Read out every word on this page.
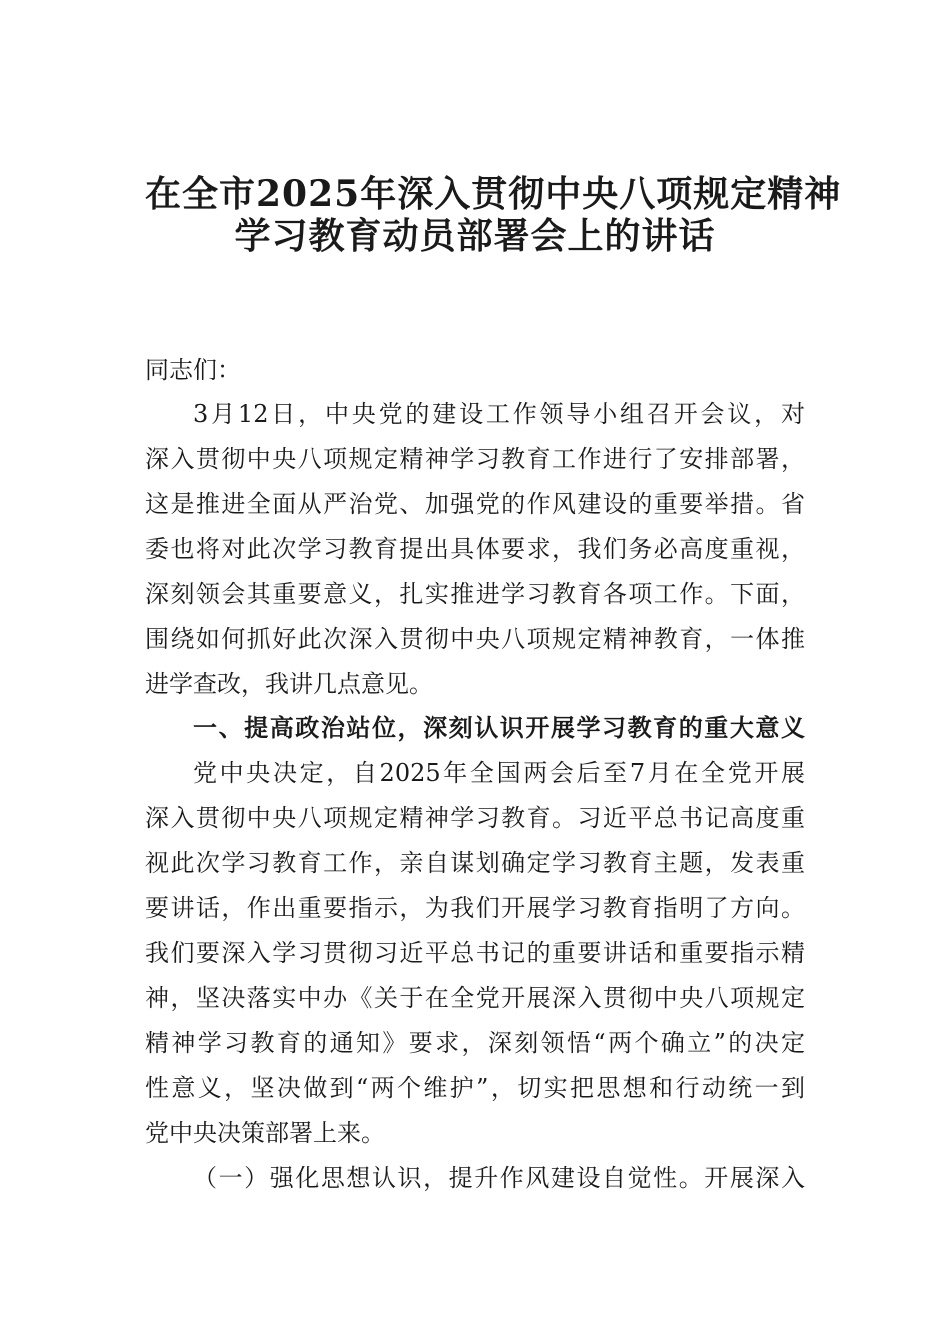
在全市2025年深入贯彻中央八项规定精神
学习教育动员部署会上的讲话
同志们：
3月12日，中央党的建设工作领导小组召开会议，对
深入贯彻中央八项规定精神学习教育工作进行了安排部署，
这是推进全面从严治党、加强党的作风建设的重要举措。省
委也将对此次学习教育提出具体要求，我们务必高度重视，
深刻领会其重要意义，扎实推进学习教育各项工作。下面，
围绕如何抓好此次深入贯彻中央八项规定精神教育，一体推
进学查改，我讲几点意见。
一、提高政治站位，深刻认识开展学习教育的重大意义
党中央决定，自2025年全国两会后至7月在全党开展
深入贯彻中央八项规定精神学习教育。习近平总书记高度重
视此次学习教育工作，亲自谋划确定学习教育主题，发表重
要讲话，作出重要指示，为我们开展学习教育指明了方向。
我们要深入学习贯彻习近平总书记的重要讲话和重要指示精
神，坚决落实中办《关于在全党开展深入贯彻中央八项规定
精神学习教育的通知》要求，深刻领悟“两个确立”的决定
性意义，坚决做到“两个维护”，切实把思想和行动统一到
党中央决策部署上来。
（一）强化思想认识，提升作风建设自觉性。开展深入
